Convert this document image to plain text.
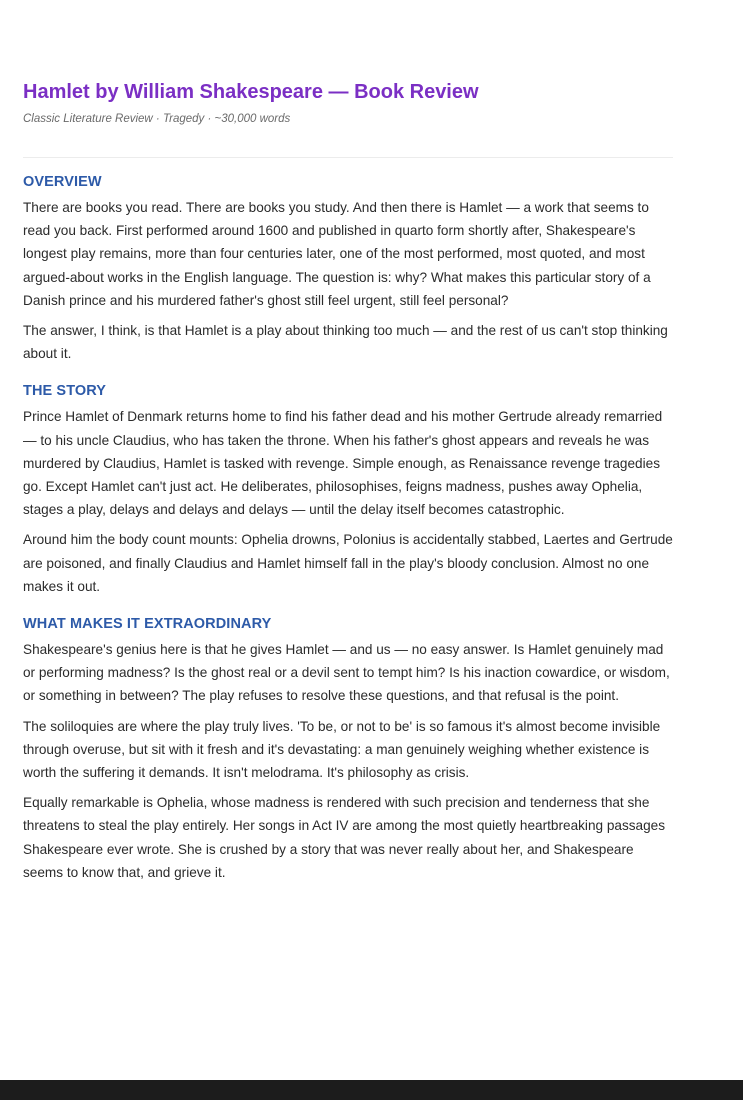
Hamlet by William Shakespeare — Book Review
Classic Literature Review · Tragedy · ~30,000 words
OVERVIEW

There are books you read. There are books you study. And then there is Hamlet — a work that seems to read you back. First performed around 1600 and published in quarto form shortly after, Shakespeare's longest play remains, more than four centuries later, one of the most performed, most quoted, and most argued-about works in the English language. The question is: why? What makes this particular story of a Danish prince and his murdered father's ghost still feel urgent, still feel personal?

The answer, I think, is that Hamlet is a play about thinking too much — and the rest of us can't stop thinking about it.

THE STORY

Prince Hamlet of Denmark returns home to find his father dead and his mother Gertrude already remarried — to his uncle Claudius, who has taken the throne. When his father's ghost appears and reveals he was murdered by Claudius, Hamlet is tasked with revenge. Simple enough, as Renaissance revenge tragedies go. Except Hamlet can't just act. He deliberates, philosophises, feigns madness, pushes away Ophelia, stages a play, delays and delays and delays — until the delay itself becomes catastrophic.

Around him the body count mounts: Ophelia drowns, Polonius is accidentally stabbed, Laertes and Gertrude are poisoned, and finally Claudius and Hamlet himself fall in the play's bloody conclusion. Almost no one makes it out.

WHAT MAKES IT EXTRAORDINARY

Shakespeare's genius here is that he gives Hamlet — and us — no easy answer. Is Hamlet genuinely mad or performing madness? Is the ghost real or a devil sent to tempt him? Is his inaction cowardice, or wisdom, or something in between? The play refuses to resolve these questions, and that refusal is the point.

The soliloquies are where the play truly lives. 'To be, or not to be' is so famous it's almost become invisible through overuse, but sit with it fresh and it's devastating: a man genuinely weighing whether existence is worth the suffering it demands. It isn't melodrama. It's philosophy as crisis.

Equally remarkable is Ophelia, whose madness is rendered with such precision and tenderness that she threatens to steal the play entirely. Her songs in Act IV are among the most quietly heartbreaking passages Shakespeare ever wrote. She is crushed by a story that was never really about her, and Shakespeare seems to know that, and grieve it.
